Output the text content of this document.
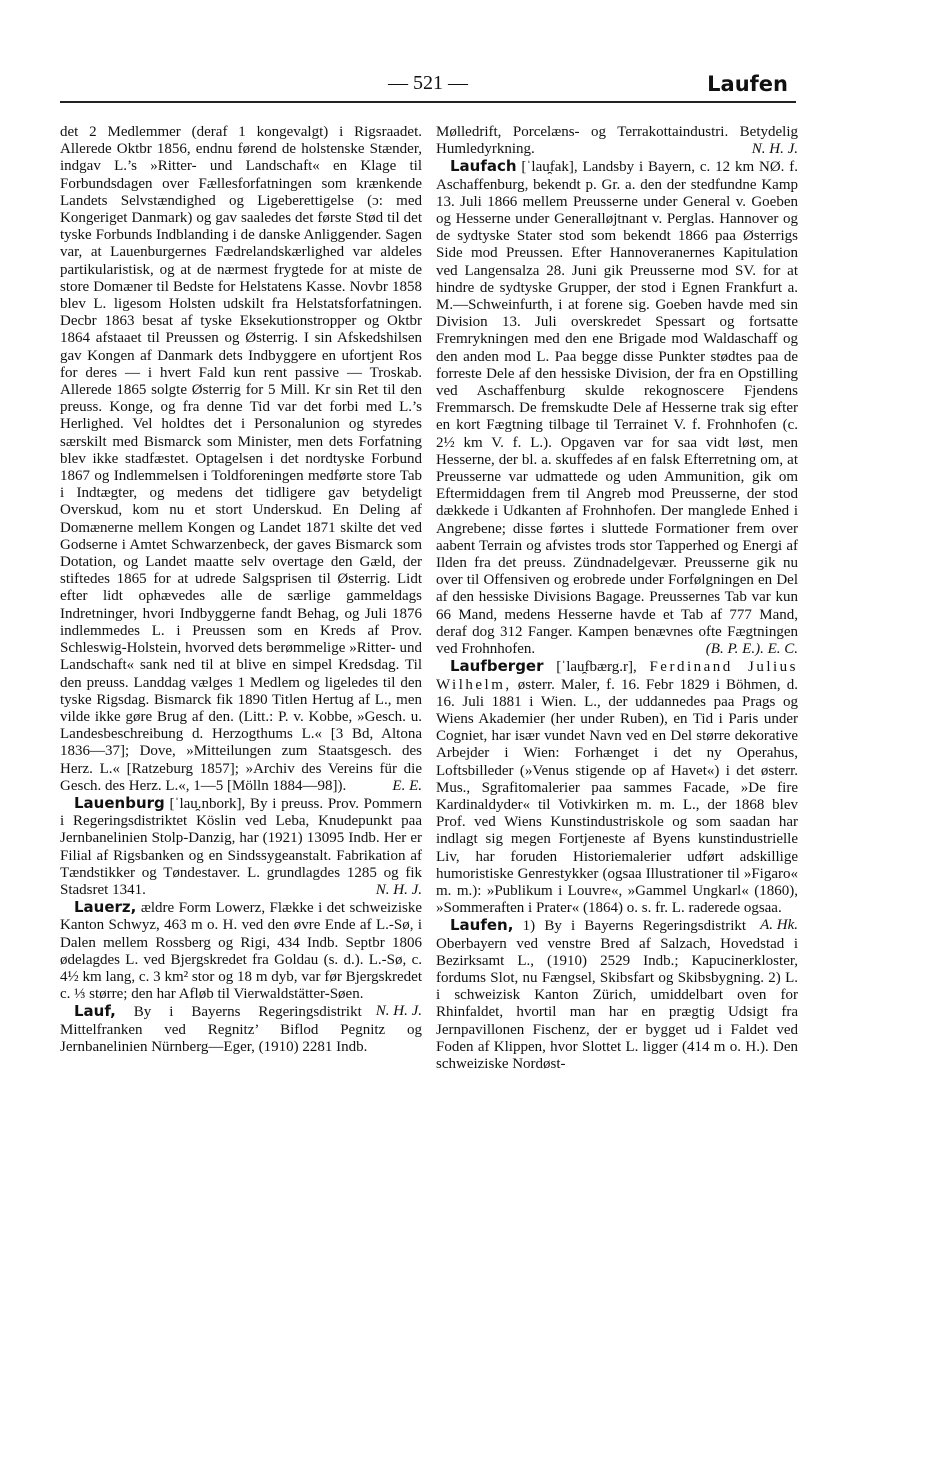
— 521 —	Laufen

det 2 Medlemmer (deraf 1 kongevalgt) i Rigsraadet. Allerede Oktbr 1856, endnu førend de holstenske Stænder, indgav L.’s »Ritter- und Landschaft« en Klage til Forbundsdagen over Fællesforfatningen som krænkende Landets Selvstændighed og Ligeberettigelse (ɔ: med Kongeriget Danmark) og gav saaledes det første Stød til det tyske Forbunds Indblanding i de danske Anliggender. Sagen var, at Lauenburgernes Fædrelandskærlighed var aldeles partikularistisk, og at de nærmest frygtede for at miste de store Domæner til Bedste for Helstatens Kasse. Novbr 1858 blev L. ligesom Holsten udskilt fra Helstatsforfatningen. Decbr 1863 besat af tyske Eksekutionstropper og Oktbr 1864 afstaaet til Preussen og Østerrig. I sin Afskedshilsen gav Kongen af Danmark dets Indbyggere en ufortjent Ros for deres — i hvert Fald kun rent passive — Troskab. Allerede 1865 solgte Østerrig for 5 Mill. Kr sin Ret til den preuss. Konge, og fra denne Tid var det forbi med L.’s Herlighed. Vel holdtes det i Personalunion og styredes særskilt med Bismarck som Minister, men dets Forfatning blev ikke stadfæstet. Optagelsen i det nordtyske Forbund 1867 og Indlemmelsen i Toldforeningen medførte store Tab i Indtægter, og medens det tidligere gav betydeligt Overskud, kom nu et stort Underskud. En Deling af Domænerne mellem Kongen og Landet 1871 skilte det ved Godserne i Amtet Schwarzenbeck, der gaves Bismarck som Dotation, og Landet maatte selv overtage den Gæld, der stiftedes 1865 for at udrede Salgsprisen til Østerrig. Lidt efter lidt ophævedes alle de særlige gammeldags Indretninger, hvori Indbyggerne fandt Behag, og Juli 1876 indlemmedes L. i Preussen som en Kreds af Prov. Schleswig-Holstein, hvorved dets berømmelige »Ritter- und Landschaft« sank ned til at blive en simpel Kredsdag. Til den preuss. Landdag vælges 1 Medlem og ligeledes til den tyske Rigsdag. Bismarck fik 1890 Titlen Hertug af L., men vilde ikke gøre Brug af den. (Litt.: P. v. Kobbe, »Gesch. u. Landesbeschreibung d. Herzogthums L.« [3 Bd, Altona 1836—37]; Dove, »Mitteilungen zum Staatsgesch. des Herz. L.« [Ratzeburg 1857]; »Archiv des Vereins für die Gesch. des Herz. L.«, 1—5 [Mölln 1884—98]).	E. E.

Lauenburg [ˈlau̯.nbork], By i preuss. Prov. Pommern i Regeringsdistriktet Köslin ved Leba, Knudepunkt paa Jernbanelinien Stolp-Danzig, har (1921) 13095 Indb. Her er Filial af Rigsbanken og en Sindssygeanstalt. Fabrikation af Tændstikker og Tøndestaver. L. grundlagdes 1285 og fik Stadsret 1341.	N. H. J.

Lauerz, ældre Form Lowerz, Flække i det schweiziske Kanton Schwyz, 463 m o. H. ved den øvre Ende af L.-Sø, i Dalen mellem Rossberg og Rigi, 434 Indb. Septbr 1806 ødelagdes L. ved Bjergskredet fra Goldau (s. d.). L.-Sø, c. 4½ km lang, c. 3 km² stor og 18 m dyb, var før Bjergskredet c. ⅓ større; den har Afløb til Vierwaldstätter-Søen.
N. H. J.

Lauf, By i Bayerns Regeringsdistrikt Mittelfranken ved Regnitz’ Biflod Pegnitz og Jernbanelinien Nürnberg—Eger, (1910) 2281 Indb.

Mølledrift, Porcelæns- og Terrakottaindustri. Betydelig Humledyrkning.	N. H. J.

Laufach [ˈlau̯fak], Landsby i Bayern, c. 12 km NØ. f. Aschaffenburg, bekendt p. Gr. a. den der stedfundne Kamp 13. Juli 1866 mellem Preusserne under General v. Goeben og Hesserne under Generalløjtnant v. Perglas. Hannover og de sydtyske Stater stod som bekendt 1866 paa Østerrigs Side mod Preussen. Efter Hannoveranernes Kapitulation ved Langensalza 28. Juni gik Preusserne mod SV. for at hindre de sydtyske Grupper, der stod i Egnen Frankfurt a. M.—Schweinfurth, i at forene sig. Goeben havde med sin Division 13. Juli overskredet Spessart og fortsatte Fremrykningen med den ene Brigade mod Waldaschaff og den anden mod L. Paa begge disse Punkter stødtes paa de forreste Dele af den hessiske Division, der fra en Opstilling ved Aschaffenburg skulde rekognoscere Fjendens Fremmarsch. De fremskudte Dele af Hesserne trak sig efter en kort Fægtning tilbage til Terrainet V. f. Frohnhofen (c. 2½ km V. f. L.). Opgaven var for saa vidt løst, men Hesserne, der bl. a. skuffedes af en falsk Efterretning om, at Preusserne var udmattede og uden Ammunition, gik om Eftermiddagen frem til Angreb mod Preusserne, der stod dækkede i Udkanten af Frohnhofen. Der manglede Enhed i Angrebene; disse førtes i sluttede Formationer frem over aabent Terrain og afvistes trods stor Tapperhed og Energi af Ilden fra det preuss. Zündnadelgevær. Preusserne gik nu over til Offensiven og erobrede under Forfølgningen en Del af den hessiske Divisions Bagage. Preussernes Tab var kun 66 Mand, medens Hesserne havde et Tab af 777 Mand, deraf dog 312 Fanger. Kampen benævnes ofte Fægtningen ved Frohnhofen.	(B. P. E.). E. C.

Laufberger [ˈlau̯fbærg.r], Ferdinand Julius Wilhelm, østerr. Maler, f. 16. Febr 1829 i Böhmen, d. 16. Juli 1881 i Wien. L., der uddannedes paa Prags og Wiens Akademier (her under Ruben), en Tid i Paris under Cogniet, har især vundet Navn ved en Del større dekorative Arbejder i Wien: Forhænget i det ny Operahus, Loftsbilleder (»Venus stigende op af Havet«) i det østerr. Mus., Sgrafitomalerier paa sammes Facade, »De fire Kardinaldyder« til Votivkirken m. m. L., der 1868 blev Prof. ved Wiens Kunstindustriskole og som saadan har indlagt sig megen Fortjeneste af Byens kunstindustrielle Liv, har foruden Historiemalerier udført adskillige humoristiske Genrestykker (ogsaa Illustrationer til »Figaro« m. m.): »Publikum i Louvre«, »Gammel Ungkarl« (1860), »Sommeraften i Prater« (1864) o. s. fr. L. raderede ogsaa.
A. Hk.

Laufen, 1) By i Bayerns Regeringsdistrikt Oberbayern ved venstre Bred af Salzach, Hovedstad i Bezirksamt L., (1910) 2529 Indb.; Kapucinerkloster, fordums Slot, nu Fængsel, Skibsfart og Skibsbygning. 2) L. i schweizisk Kanton Zürich, umiddelbart oven for Rhinfaldet, hvortil man har en prægtig Udsigt fra Jernpavillonen Fischenz, der er bygget ud i Faldet ved Foden af Klippen, hvor Slottet L. ligger (414 m o. H.). Den schweiziske Nordøst-
